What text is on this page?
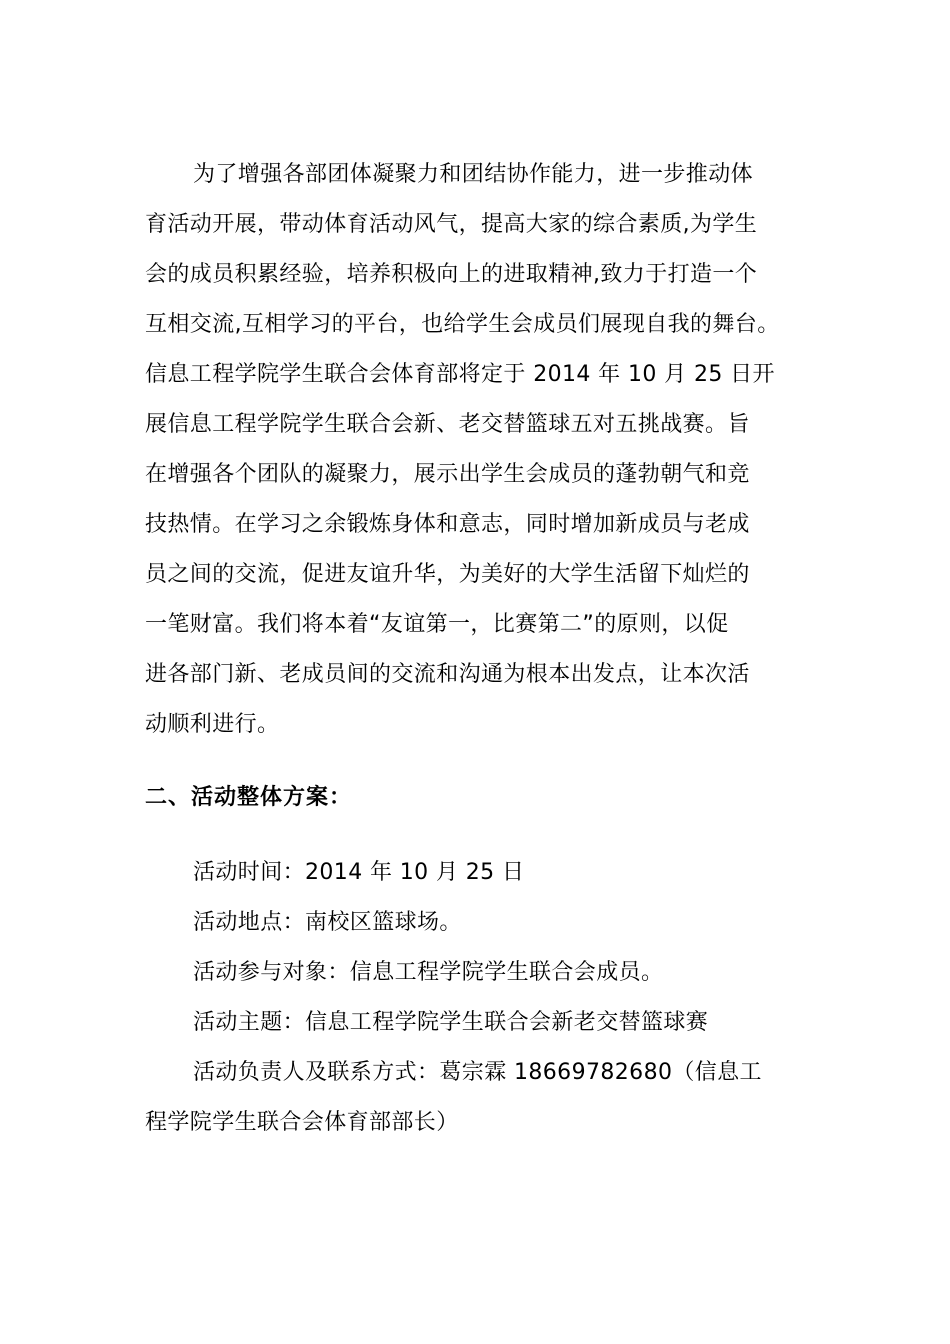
为了增强各部团体凝聚力和团结协作能力，进一步推动体
育活动开展，带动体育活动风气，提高大家的综合素质,为学生
会的成员积累经验，培养积极向上的进取精神,致力于打造一个
互相交流,互相学习的平台，也给学生会成员们展现自我的舞台。
信息工程学院学生联合会体育部将定于 2014 年 10 月 25 日开
展信息工程学院学生联合会新、老交替篮球五对五挑战赛。旨
在增强各个团队的凝聚力，展示出学生会成员的蓬勃朝气和竞
技热情。在学习之余锻炼身体和意志，同时增加新成员与老成
员之间的交流，促进友谊升华，为美好的大学生活留下灿烂的
一笔财富。我们将本着“友谊第一，比赛第二”的原则，以促
进各部门新、老成员间的交流和沟通为根本出发点，让本次活
动顺利进行。
二、活动整体方案：
活动时间：2014 年 10 月 25 日
活动地点：南校区篮球场。
活动参与对象：信息工程学院学生联合会成员。
活动主题：信息工程学院学生联合会新老交替篮球赛
活动负责人及联系方式：葛宗霖 18669782680（信息工
程学院学生联合会体育部部长）
